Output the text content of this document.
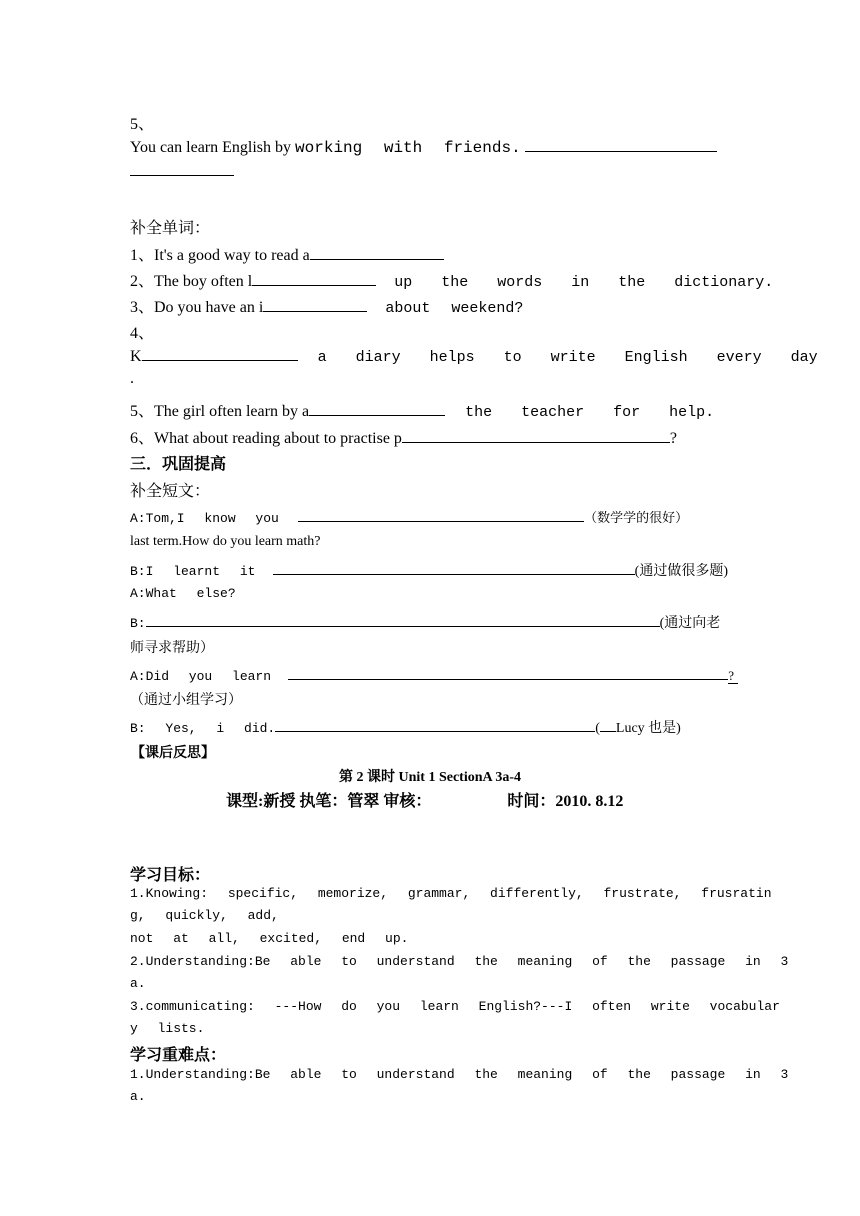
5、
You can learn English by working with friends.
补全单词：
1、It's a good way to read a
2、The boy often l	up the words in the dictionary.
3、Do you have an i	about weekend?
4、
K	a diary helps to write English every day
.
5、The girl often learn by a	the teacher for help.
6、What about reading about to practise p	?
三．巩固提高
补全短文：
A:Tom,I know you	（数学学的很好）
last term.How do you learn math?
B:I learnt it	(通过做很多题)
A:What else?
B:	(通过向老
师寻求帮助）
A:Did you learn	?
（通过小组学习）
B: Yes, i did.	( Lucy 也是)
【课后反思】
第 2 课时 Unit 1 SectionA 3a-4
课型:新授 执笔：管翠 审核：	时间：2010. 8.12
学习目标：
1.Knowing: specific, memorize, grammar, differently, frustrate, frusratin
g, quickly, add,
not at all, excited, end up.
2.Understanding:Be able to understand the meaning of the passage in 3
a.
3.communicating: ---How do you learn English?---I often write vocabular
y lists.
学习重难点：
1.Understanding:Be able to understand the meaning of the passage in 3
a.
